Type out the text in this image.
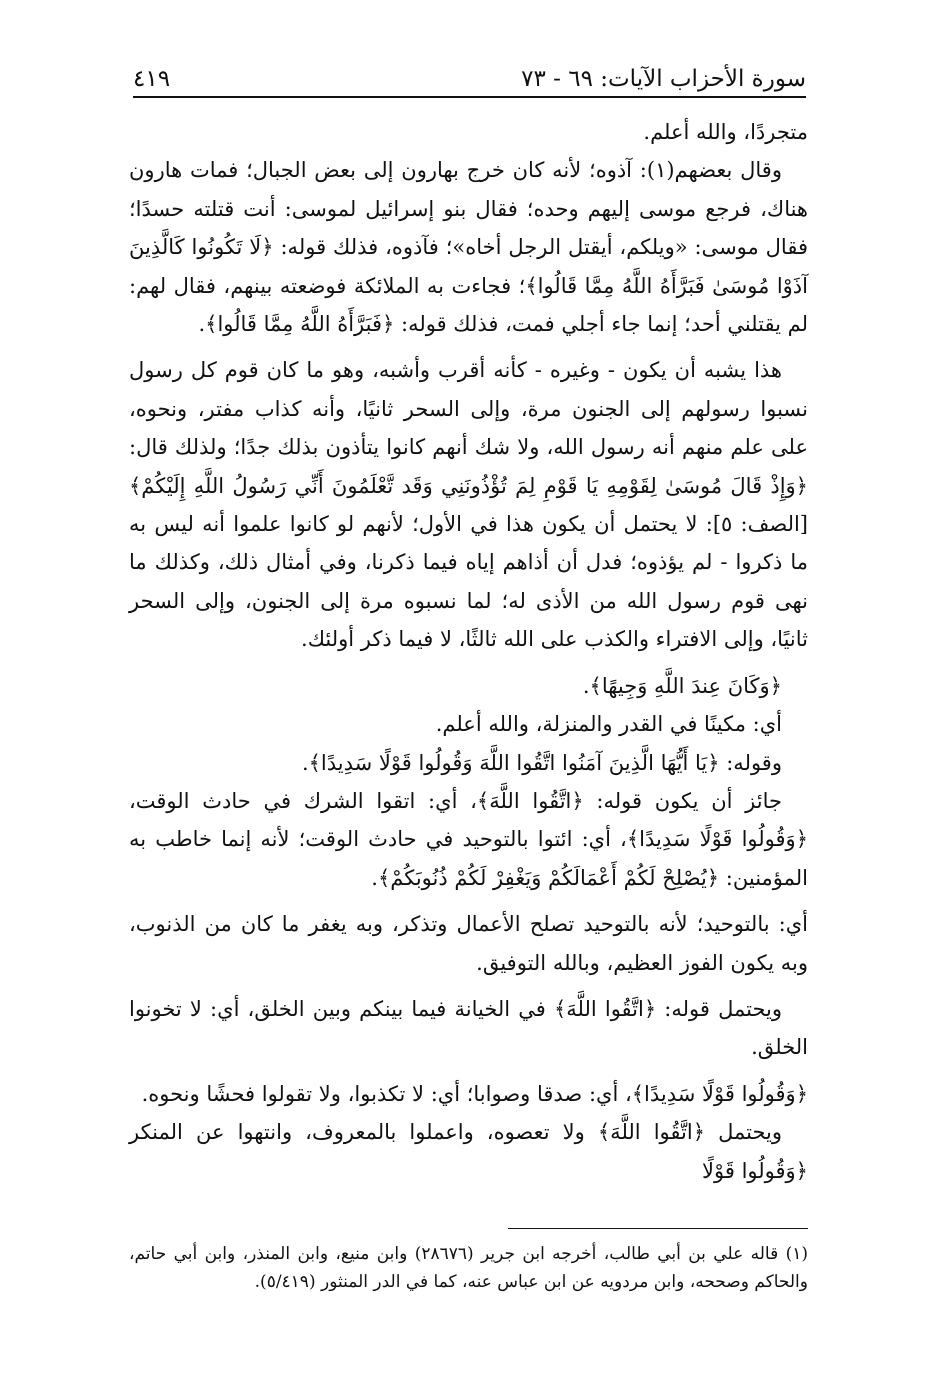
سورة الأحزاب الآيات: ٦٩ - ٧٣
٤١٩

متجردًا، والله أعلم.

وقال بعضهم(١): آذوه؛ لأنه كان خرج بهارون إلى بعض الجبال؛ فمات هارون هناك، فرجع موسى إليهم وحده؛ فقال بنو إسرائيل لموسى: أنت قتلته حسدًا؛ فقال موسى: «ويلكم، أيقتل الرجل أخاه»؛ فآذوه، فذلك قوله: ﴿لَا تَكُونُوا كَالَّذِينَ آذَوْا مُوسَىٰ فَبَرَّأَهُ اللَّهُ مِمَّا قَالُوا﴾؛ فجاءت به الملائكة فوضعته بينهم، فقال لهم: لم يقتلني أحد؛ إنما جاء أجلي فمت، فذلك قوله: ﴿فَبَرَّأَهُ اللَّهُ مِمَّا قَالُوا﴾.

هذا يشبه أن يكون - وغيره - كأنه أقرب وأشبه، وهو ما كان قوم كل رسول نسبوا رسولهم إلى الجنون مرة، وإلى السحر ثانيًا، وأنه كذاب مفتر، ونحوه، على علم منهم أنه رسول الله، ولا شك أنهم كانوا يتأذون بذلك جدًا؛ ولذلك قال: ﴿وَإِذْ قَالَ مُوسَىٰ لِقَوْمِهِ يَا قَوْمِ لِمَ تُؤْذُونَنِي وَقَد تَّعْلَمُونَ أَنِّي رَسُولُ اللَّهِ إِلَيْكُمْ﴾ [الصف: ٥]: لا يحتمل أن يكون هذا في الأول؛ لأنهم لو كانوا علموا أنه ليس به ما ذكروا - لم يؤذوه؛ فدل أن أذاهم إياه فيما ذكرنا، وفي أمثال ذلك، وكذلك ما نهى قوم رسول الله من الأذى له؛ لما نسبوه مرة إلى الجنون، وإلى السحر ثانيًا، وإلى الافتراء والكذب على الله ثالثًا، لا فيما ذكر أولئك.

﴿وَكَانَ عِندَ اللَّهِ وَجِيهًا﴾.

أي: مكينًا في القدر والمنزلة، والله أعلم.

وقوله: ﴿يَا أَيُّهَا الَّذِينَ آمَنُوا اتَّقُوا اللَّهَ وَقُولُوا قَوْلًا سَدِيدًا﴾.

جائز أن يكون قوله: ﴿اتَّقُوا اللَّهَ﴾، أي: اتقوا الشرك في حادث الوقت، ﴿وَقُولُوا قَوْلًا سَدِيدًا﴾، أي: ائتوا بالتوحيد في حادث الوقت؛ لأنه إنما خاطب به المؤمنين: ﴿يُصْلِحْ لَكُمْ أَعْمَالَكُمْ وَيَغْفِرْ لَكُمْ ذُنُوبَكُمْ﴾.

أي: بالتوحيد؛ لأنه بالتوحيد تصلح الأعمال وتذكر، وبه يغفر ما كان من الذنوب، وبه يكون الفوز العظيم، وبالله التوفيق.

ويحتمل قوله: ﴿اتَّقُوا اللَّهَ﴾ في الخيانة فيما بينكم وبين الخلق، أي: لا تخونوا الخلق.

﴿وَقُولُوا قَوْلًا سَدِيدًا﴾، أي: صدقا وصوابا؛ أي: لا تكذبوا، ولا تقولوا فحشًا ونحوه.

ويحتمل ﴿اتَّقُوا اللَّهَ﴾ ولا تعصوه، واعملوا بالمعروف، وانتهوا عن المنكر ﴿وَقُولُوا قَوْلًا

(١) قاله علي بن أبي طالب، أخرجه ابن جرير (٢٨٦٧٦) وابن منيع، وابن المنذر، وابن أبي حاتم، والحاكم وصححه، وابن مردويه عن ابن عباس عنه، كما في الدر المنثور (٥/٤١٩).
